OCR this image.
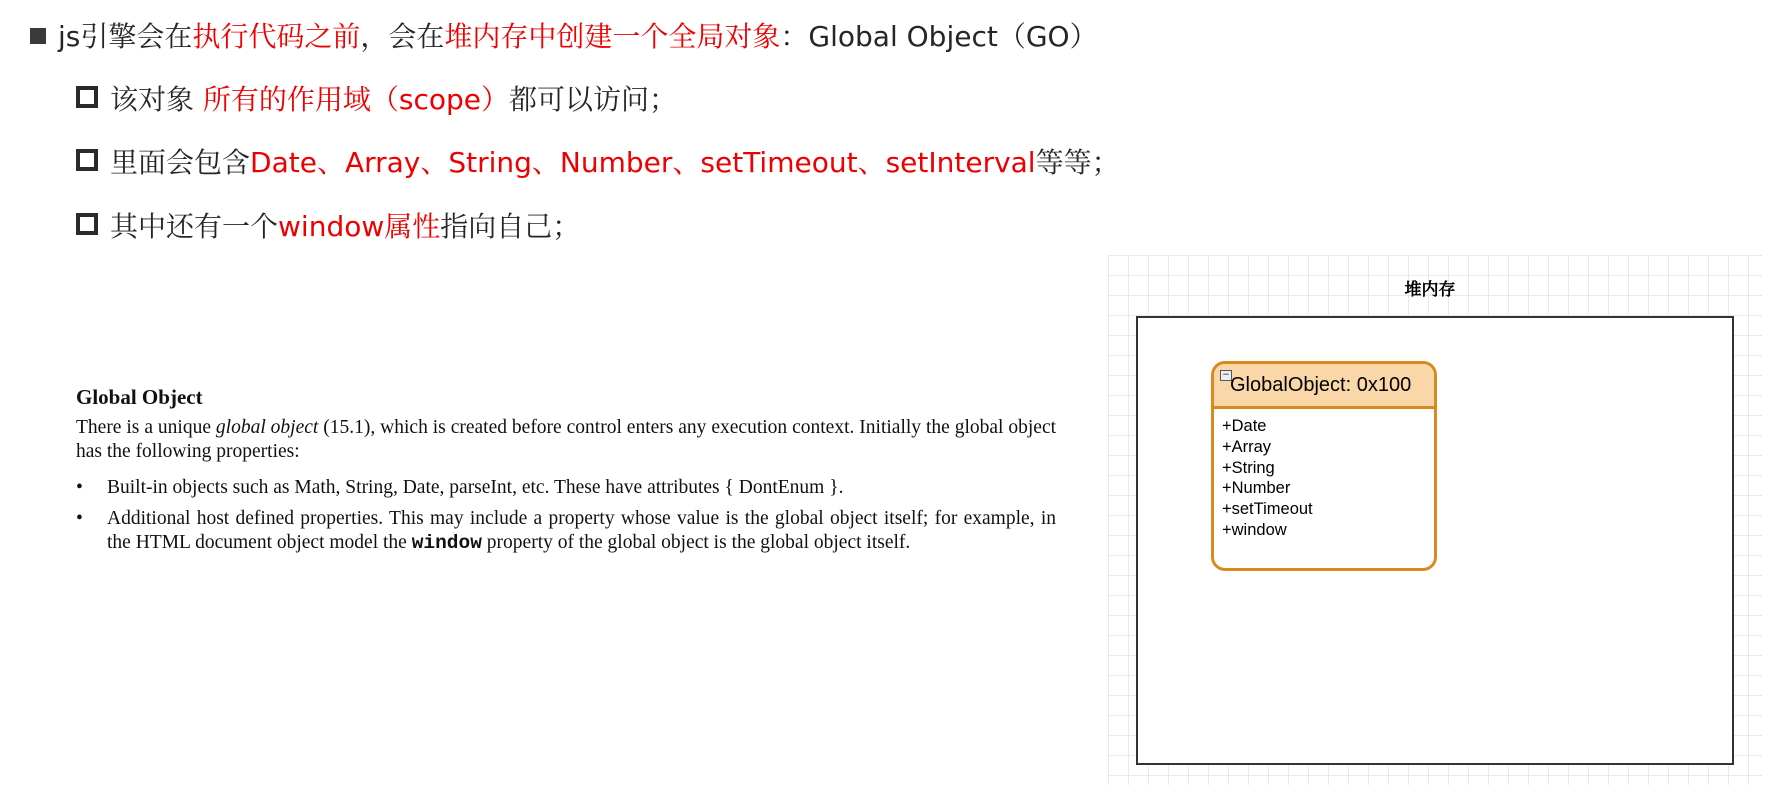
js引擎会在执行代码之前，会在堆内存中创建一个全局对象：Global Object（GO）
该对象 所有的作用域（scope）都可以访问；
里面会包含Date、Array、String、Number、setTimeout、setInterval等等；
其中还有一个window属性指向自己；
Global Object

There is a unique global object (15.1), which is created before control enters any execution context. Initially the global object has the following properties:

• Built-in objects such as Math, String, Date, parseInt, etc. These have attributes { DontEnum }.
• Additional host defined properties. This may include a property whose value is the global object itself; for example, in the HTML document object model the window property of the global object is the global object itself.
堆内存
− GlobalObject: 0x100
+Date
+Array
+String
+Number
+setTimeout
+window
